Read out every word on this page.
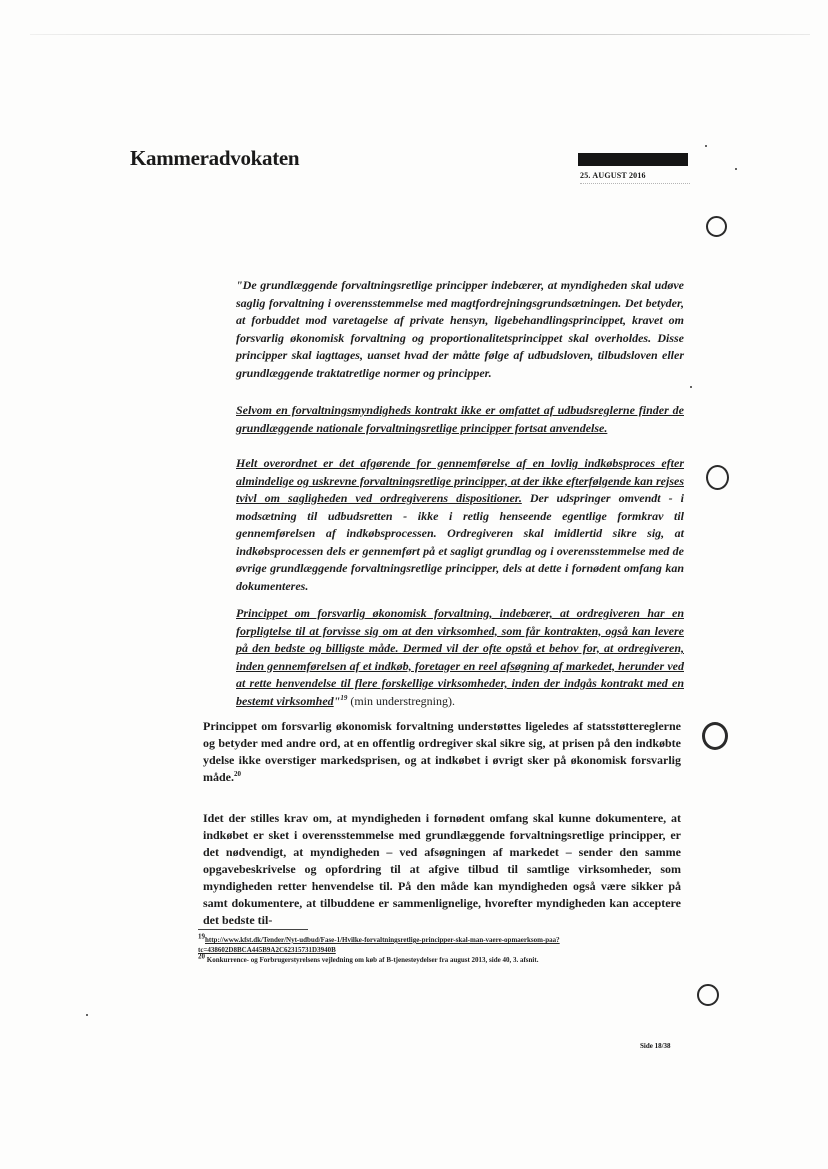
Kammeradvokaten
25. AUGUST 2016

"De grundlæggende forvaltningsretlige principper indebærer, at myndigheden skal udøve saglig forvaltning i overensstemmelse med magtfordrejningsgrundsætningen. Det betyder, at forbuddet mod varetagelse af private hensyn, ligebehandlingsprincippet, kravet om forsvarlig økonomisk forvaltning og proportionalitetsprincippet skal overholdes. Disse principper skal iagttages, uanset hvad der måtte følge af udbudsloven, tilbudsloven eller grundlæggende traktatretlige normer og principper.

Selvom en forvaltningsmyndigheds kontrakt ikke er omfattet af udbudsreglerne finder de grundlæggende nationale forvaltningsretlige principper fortsat anvendelse.

Helt overordnet er det afgørende for gennemførelse af en lovlig indkøbsproces efter almindelige og uskrevne forvaltningsretlige principper, at der ikke efterfølgende kan rejses tvivl om sagligheden ved ordregiverens dispositioner. Der udspringer omvendt - i modsætning til udbudsretten - ikke i retlig henseende egentlige formkrav til gennemførelsen af indkøbsprocessen. Ordregiveren skal imidlertid sikre sig, at indkøbsprocessen dels er gennemført på et sagligt grundlag og i overensstemmelse med de øvrige grundlæggende forvaltningsretlige principper, dels at dette i fornødent omfang kan dokumenteres.

Princippet om forsvarlig økonomisk forvaltning, indebærer, at ordregiveren har en forpligtelse til at forvisse sig om at den virksomhed, som får kontrakten, også kan levere på den bedste og billigste måde. Dermed vil der ofte opstå et behov for, at ordregiveren, inden gennemførelsen af et indkøb, foretager en reel afsøgning af markedet, herunder ved at rette henvendelse til flere forskellige virksomheder, inden der indgås kontrakt med en bestemt virksomhed"$^{19}$ (min understregning).

Princippet om forsvarlig økonomisk forvaltning understøttes ligeledes af statsstøttereglerne og betyder med andre ord, at en offentlig ordregiver skal sikre sig, at prisen på den indkøbte ydelse ikke overstiger markedsprisen, og at indkøbet i øvrigt sker på økonomisk forsvarlig måde.$^{20}$

Idet der stilles krav om, at myndigheden i fornødent omfang skal kunne dokumentere, at indkøbet er sket i overensstemmelse med grundlæggende forvaltningsretlige principper, er det nødvendigt, at myndigheden – ved afsøgningen af markedet – sender den samme opgavebeskrivelse og opfordring til at afgive tilbud til samtlige virksomheder, som myndigheden retter henvendelse til. På den måde kan myndigheden også være sikker på samt dokumentere, at tilbuddene er sammenlignelige, hvorefter myndigheden kan acceptere det bedste til-

$^{19}$http://www.kfst.dk/Tender/Nyt-udbud/Fase-1/Hvilke-forvaltningsretlige-principper-skal-man-vaere-opmaerksom-paa?tc=438602D8BCA445B9A2C62315731D3940B

$^{20}$ Konkurrence- og Forbrugerstyrelsens vejledning om køb af B-tjenesteydelser fra august 2013, side 40, 3. afsnit.

Side 18/38
